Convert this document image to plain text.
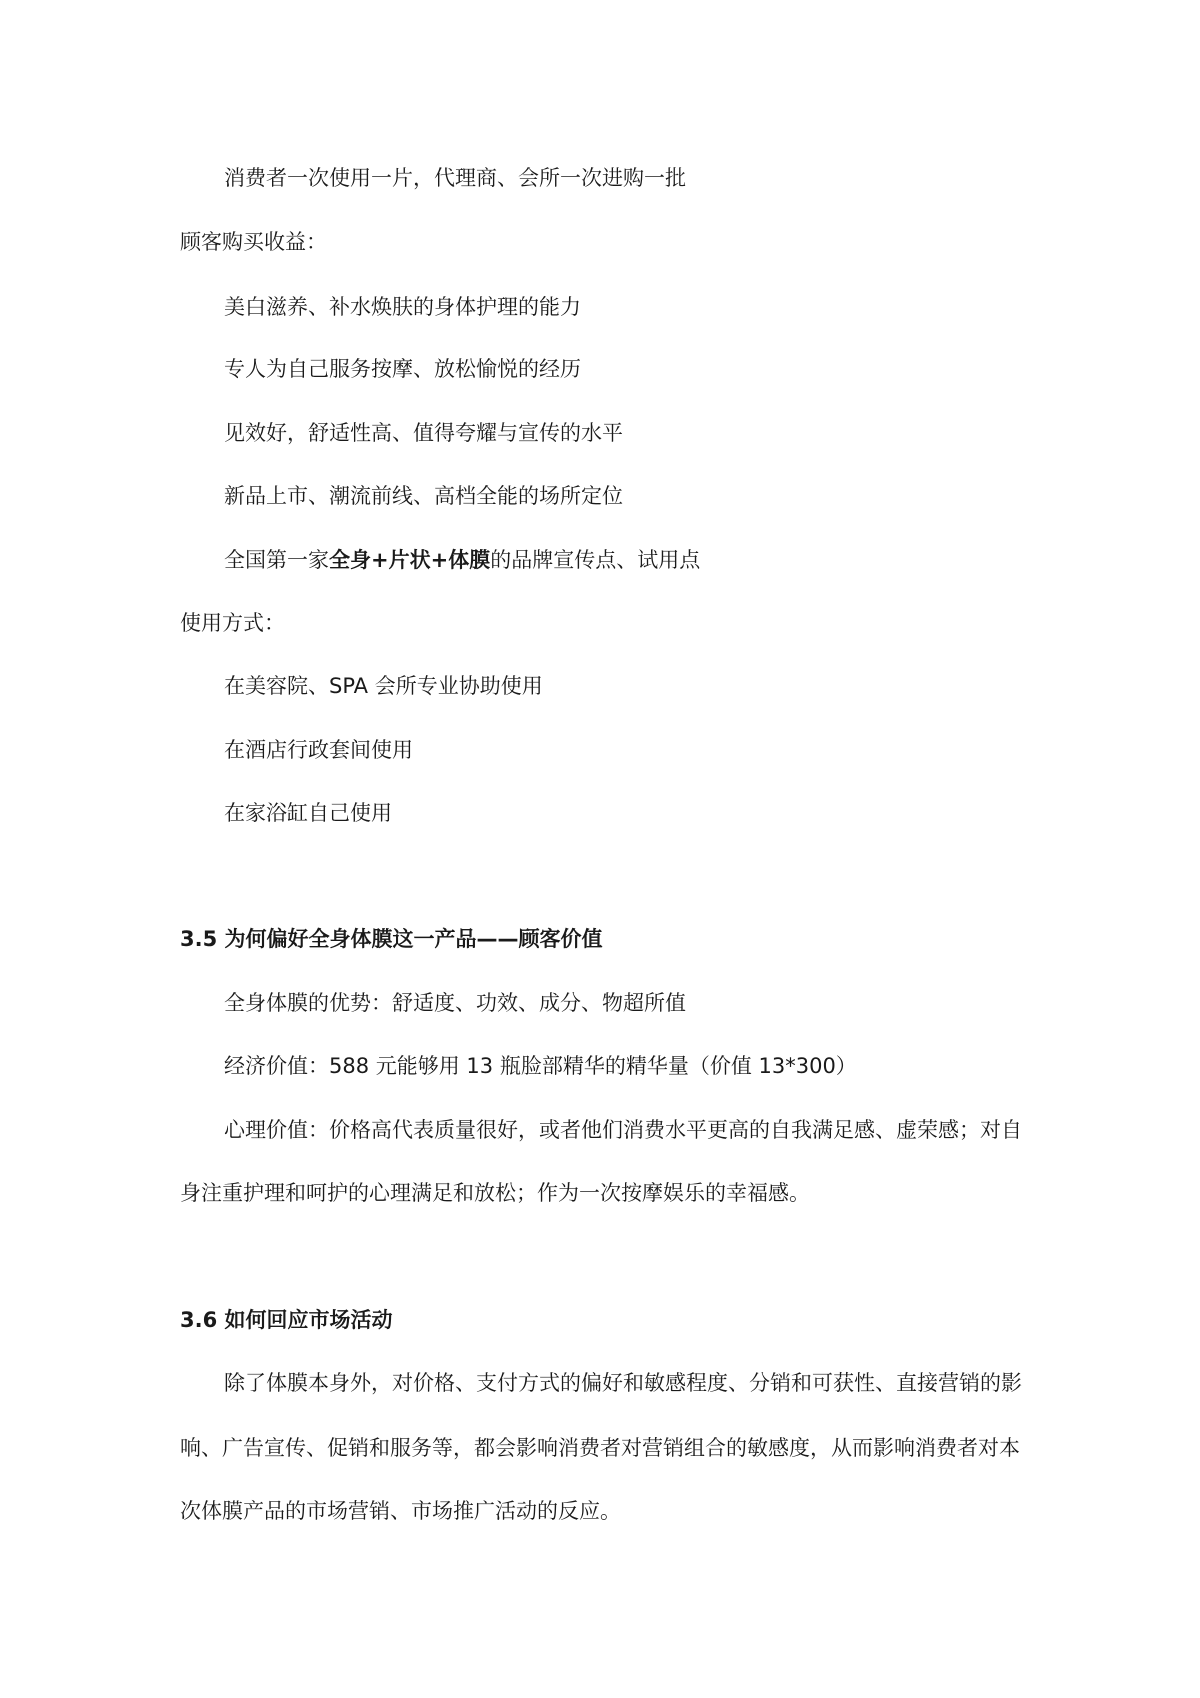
消费者一次使用一片，代理商、会所一次进购一批
顾客购买收益：
美白滋养、补水焕肤的身体护理的能力
专人为自己服务按摩、放松愉悦的经历
见效好，舒适性高、值得夸耀与宣传的水平
新品上市、潮流前线、高档全能的场所定位
全国第一家全身+片状+体膜的品牌宣传点、试用点
使用方式：
在美容院、SPA 会所专业协助使用
在酒店行政套间使用
在家浴缸自己使用
3.5 为何偏好全身体膜这一产品——顾客价值
全身体膜的优势：舒适度、功效、成分、物超所值
经济价值：588 元能够用 13 瓶脸部精华的精华量（价值 13*300）
心理价值：价格高代表质量很好，或者他们消费水平更高的自我满足感、虚荣感；对自
身注重护理和呵护的心理满足和放松；作为一次按摩娱乐的幸福感。
3.6 如何回应市场活动
除了体膜本身外，对价格、支付方式的偏好和敏感程度、分销和可获性、直接营销的影
响、广告宣传、促销和服务等，都会影响消费者对营销组合的敏感度，从而影响消费者对本
次体膜产品的市场营销、市场推广活动的反应。
